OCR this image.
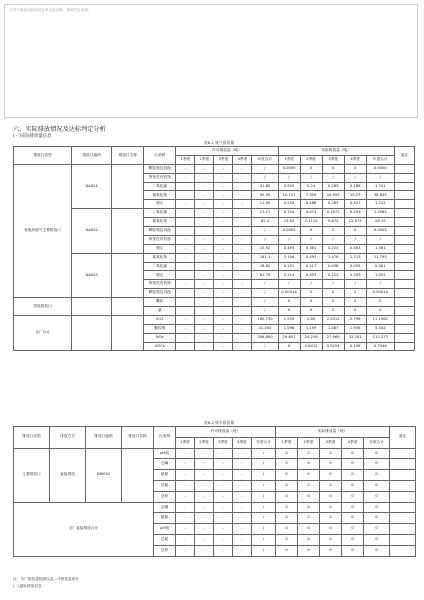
公司下载备品原始凭证单记录台账，原始凭证表格。
六、实际排放情况及达标判定分析
(一)实际排放量信息
表6-1 废气排放量
排放口类型	排放口编码	排放口名称	污染物	许可排放量（吨）					实际排放量（吨）					备注
				1季度	2季度	3季度	4季度	年度合计	1季度	2季度	3季度	4季度	年度合计	
有组织废气主要排放口	DA001		颗粒物及其他	-	-	-	-	/	0.0000	0	0	0	0.0000	
			挥发性有机物	-	-	-	-	/	/	/	/	/	/	
			二氧化硫	-	-	-	-	41.85	0.929	0.24	0.285	0.186	1.741	
			氮氧化物	-	-	-	-	92.50	10.111	7.309	10.555	10.27	38.845	
			烟尘	-	-	-	-	11.95	0.254	0.188	0.263	0.407	1.212	
	DA002		二氧化硫	-	-	-	-	27.17	0.755	0.074	0.1572	0.293	1.2962	
			氮氧化物	-	-	-	-	82.2	15.63	2.1115	5.872	12.573	28.19	
			颗粒物及其他	-	-	-	-	/	0.0005	0	0	0	0.0005	
			挥发性有机物	-	-	-	-	/	/	/	/	/	/	
			烟尘	-	-	-	-	10.92	0.493	0.381	0.224	0.463	1.561	
	DA003		氮氧化物	-	-	-	-	181.1	2.106	0.493	1.478	1.713	11.795	
			二氧化硫	-	-	-	-	18.82	0.251	0.217	0.038	0.055	0.561	
			烟尘	-	-	-	-	81.75	0.214	0.403	0.122	0.203	1.052	
			挥发性有机物	-	-	-	-	/	/	/	/	/	/	
			颗粒物及其他	-	-	-	-	/	0.00014	0	0	0	0.00014	
其他排放口			颗粒	-	-	-	-	/	0	0	0	0	0	
			氨	-	-	-	-	/	0	0	0	0	0	
全厂合计			SO2	-	-	-	-	160.730	1.939	2.85	2.5312	2.796	11.1562	
			颗粒物	-	-	-	-	41.400	1.098	1.159	1.487	1.936	5.442	
			NOx	-	-	-	-	356.800	29.847	20.256	27.969	32.201	112.273	
			VOCs	-	-	-	-	/	0	0.6412	0.5254	0.106	0.7946	
表6-2 废水排放量
排放口类型	排放方式	排放口编码	排放口名称	污染物	许可排放量（吨）					实际排放量（吨）					备注
					1季度	2季度	3季度	4季度	年度合计	1季度	2季度	3季度	4季度	年度合计	
主要排放口	直接排放	DW001		pH值	-	-	-	-	/	0	0	0	0	0	
				总磷	-	-	-	-	/	0	0	0	0	0	
				氨氮	-	-	-	-	/	0	0	0	0	0	
				总氮	-	-	-	-	/	0	0	0	0	0	
				总锌	-	-	-	-	/	0	0	0	0	0	
全厂直接排放合计				总磷	-	-	-	-	/	0	0	0	0	0	
				氨氮	-	-	-	-	/	0	0	0	0	0	
				pH值	-	-	-	-	/	0	0	0	0	0	
				总氮	-	-	-	-	/	0	0	0	0	0	
				总锌	-	-	-	-	/	0	0	0	0	0	
注：全厂排放量按照以及...计排放量统计
(二)超标排放信息
